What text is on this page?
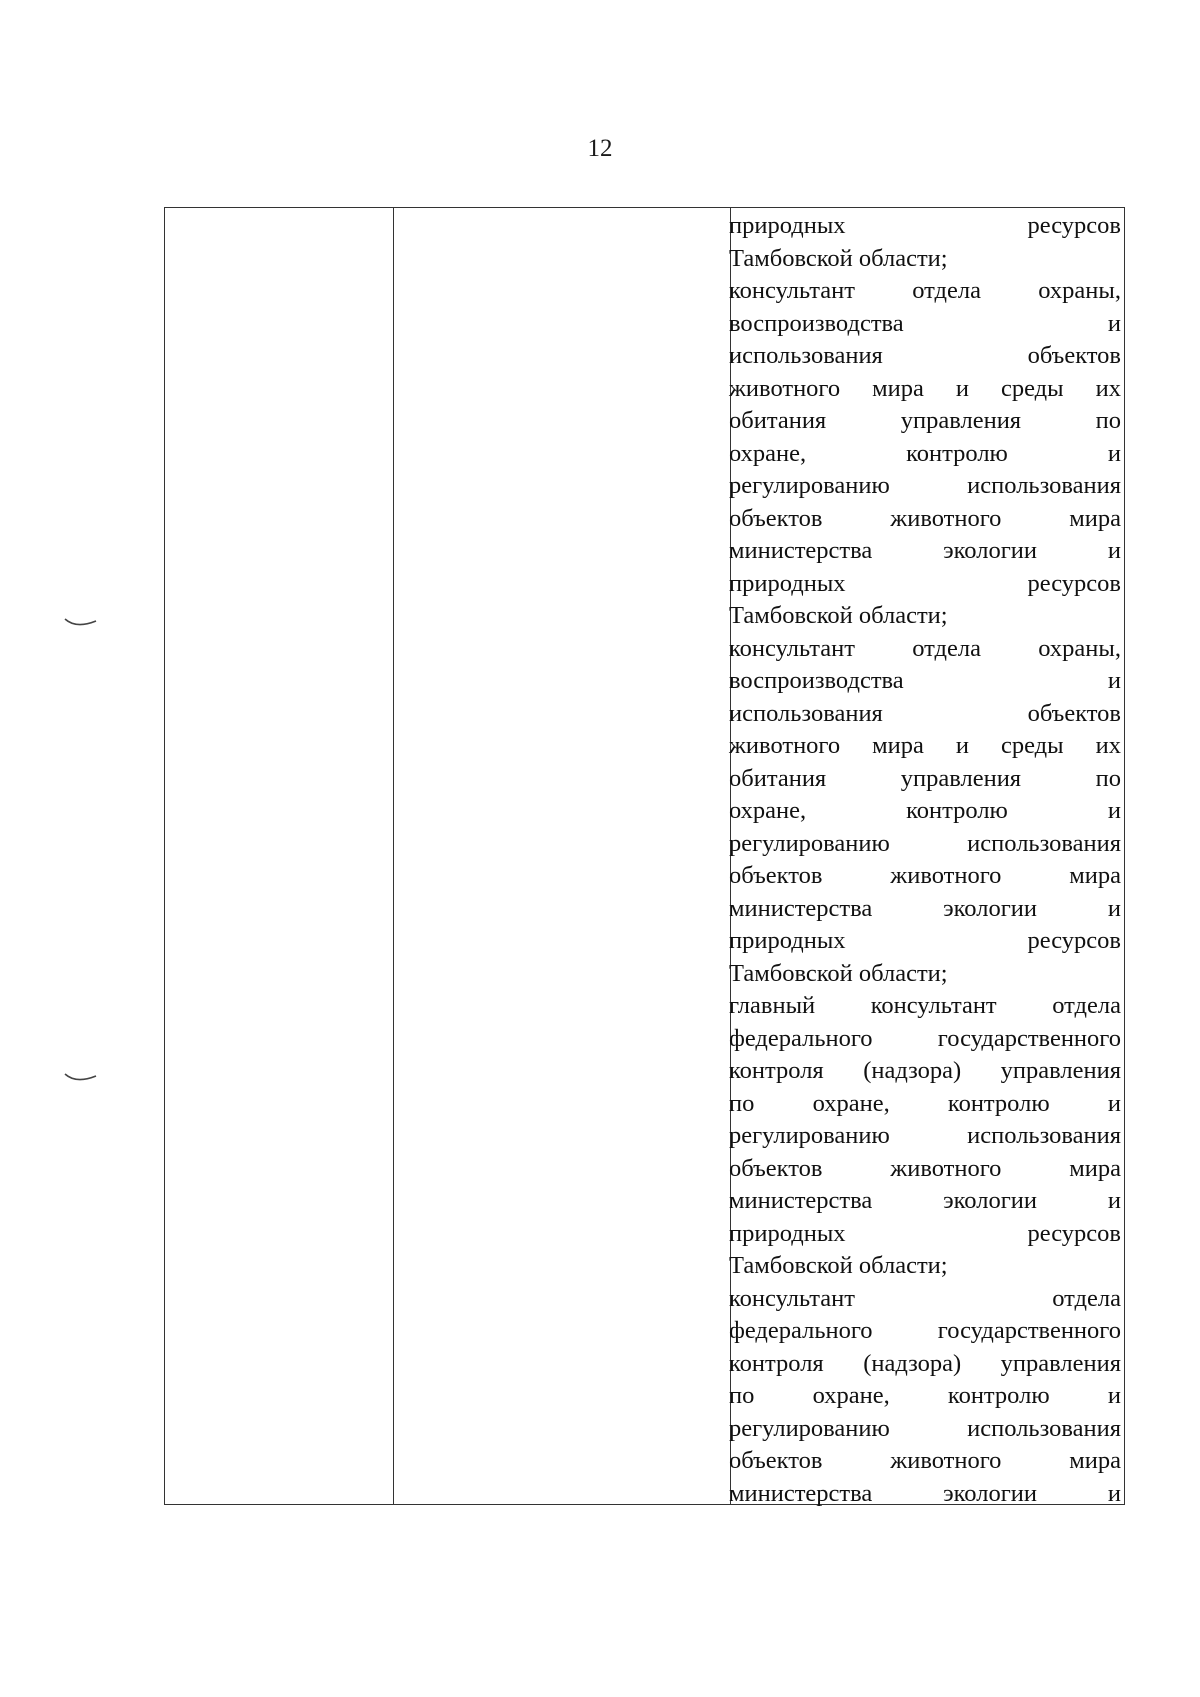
12
природных	ресурсов
Тамбовской области;
консультант отдела охраны,
воспроизводства	и
использования	объектов
животного мира и среды их
обитания	управления	по
охране,	контролю	и
регулированию	использования
объектов	животного	мира
министерства	экологии	и
природных	ресурсов
Тамбовской области;
консультант отдела охраны,
воспроизводства	и
использования	объектов
животного мира и среды их
обитания	управления	по
охране,	контролю	и
регулированию	использования
объектов	животного	мира
министерства	экологии	и
природных	ресурсов
Тамбовской области;
главный консультант отдела
федерального	государственного
контроля (надзора) управления
по охране, контролю и
регулированию	использования
объектов	животного	мира
министерства	экологии	и
природных	ресурсов
Тамбовской области;
консультант	отдела
федерального	государственного
контроля (надзора) управления
по охране, контролю и
регулированию	использования
объектов	животного	мира
министерства	экологии	и
